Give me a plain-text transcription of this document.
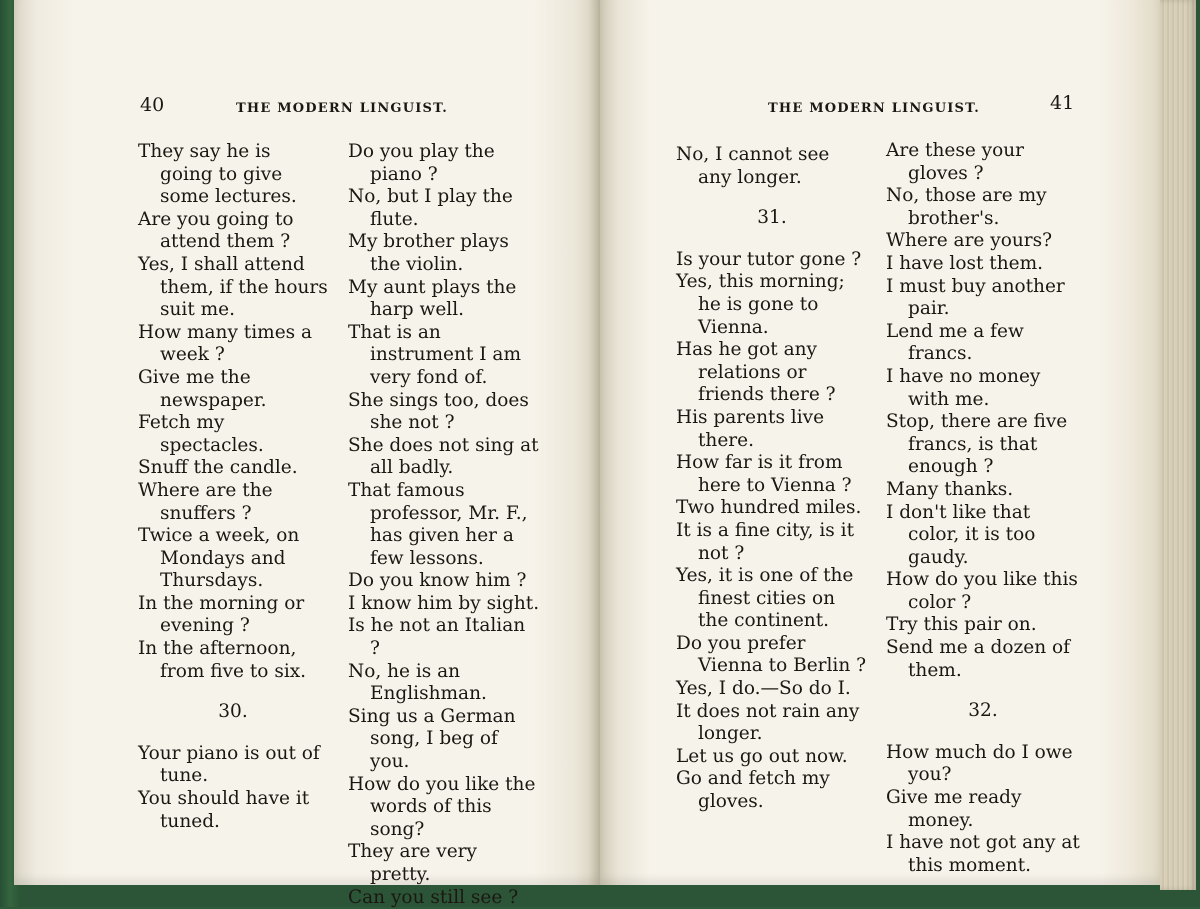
40	THE MODERN LINGUIST.

They say he is going to give some lectures.

Are you going to attend them ?

Yes, I shall attend them, if the hours suit me.

How many times a week ?

Give me the newspaper.

Fetch my spectacles.

Snuff the candle.

Where are the snuffers ?

Twice a week, on Mondays and Thursdays.

In the morning or evening ?

In the afternoon, from five to six.

30.

Your piano is out of tune.

You should have it tuned.

Do you play the piano ?

No, but I play the flute.

My brother plays the violin.

My aunt plays the harp well.

That is an instrument I am very fond of.

She sings too, does she not ?

She does not sing at all badly.

That famous professor, Mr. F., has given her a few lessons.

Do you know him ?

I know him by sight.

Is he not an Italian ?

No, he is an Englishman.

Sing us a German song, I beg of you.

How do you like the words of this song?

They are very pretty.

Can you still see ?

THE MODERN LINGUIST.	41

No, I cannot see any longer.

31.

Is your tutor gone ?

Yes, this morning; he is gone to Vienna.

Has he got any relations or friends there ?

His parents live there.

How far is it from here to Vienna ?

Two hundred miles.

It is a fine city, is it not ?

Yes, it is one of the finest cities on the continent.

Do you prefer Vienna to Berlin ?

Yes, I do.—So do I.

It does not rain any longer.

Let us go out now.

Go and fetch my gloves.

Are these your gloves ?

No, those are my brother's.

Where are yours?

I have lost them.

I must buy another pair.

Lend me a few francs.

I have no money with me.

Stop, there are five francs, is that enough ?

Many thanks.

I don't like that color, it is too gaudy.

How do you like this color ?

Try this pair on.

Send me a dozen of them.

32.

How much do I owe you?

Give me ready money.

I have not got any at this moment.
